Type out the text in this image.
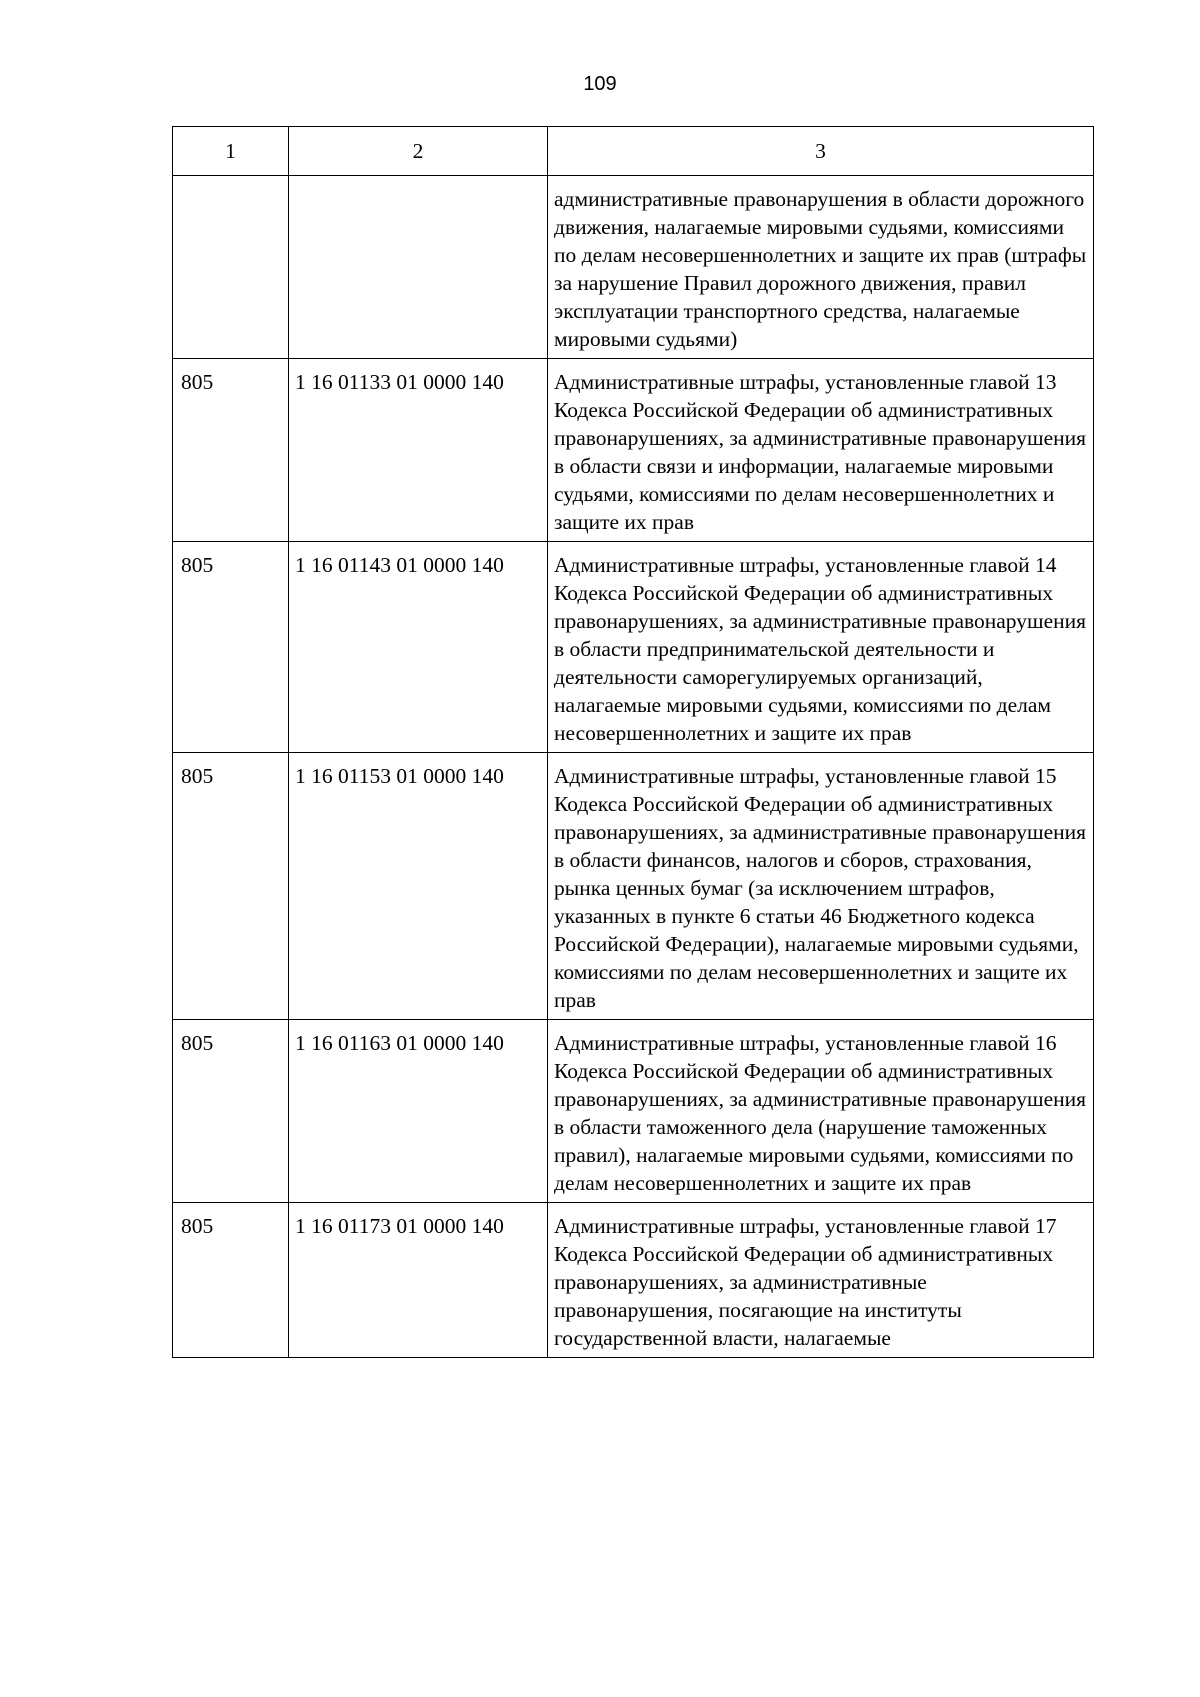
109
1	2	3
		административные правонарушения в области дорожного движения, налагаемые мировыми судьями, комиссиями по делам несовершеннолетних и защите их прав (штрафы за нарушение Правил дорожного движения, правил эксплуатации транспортного средства, налагаемые мировыми судьями)
805	1 16 01133 01 0000 140	Административные штрафы, установленные главой 13 Кодекса Российской Федерации об административных правонарушениях, за административные правонарушения в области связи и информации, налагаемые мировыми судьями, комиссиями по делам несовершеннолетних и защите их прав
805	1 16 01143 01 0000 140	Административные штрафы, установленные главой 14 Кодекса Российской Федерации об административных правонарушениях, за административные правонарушения в области предпринимательской деятельности и деятельности саморегулируемых организаций, налагаемые мировыми судьями, комиссиями по делам несовершеннолетних и защите их прав
805	1 16 01153 01 0000 140	Административные штрафы, установленные главой 15 Кодекса Российской Федерации об административных правонарушениях, за административные правонарушения в области финансов, налогов и сборов, страхования, рынка ценных бумаг (за исключением штрафов, указанных в пункте 6 статьи 46 Бюджетного кодекса Российской Федерации), налагаемые мировыми судьями, комиссиями по делам несовершеннолетних и защите их прав
805	1 16 01163 01 0000 140	Административные штрафы, установленные главой 16 Кодекса Российской Федерации об административных правонарушениях, за административные правонарушения в области таможенного дела (нарушение таможенных правил), налагаемые мировыми судьями, комиссиями по делам несовершеннолетних и защите их прав
805	1 16 01173 01 0000 140	Административные штрафы, установленные главой 17 Кодекса Российской Федерации об административных правонарушениях, за административные правонарушения, посягающие на институты государственной власти, налагаемые
